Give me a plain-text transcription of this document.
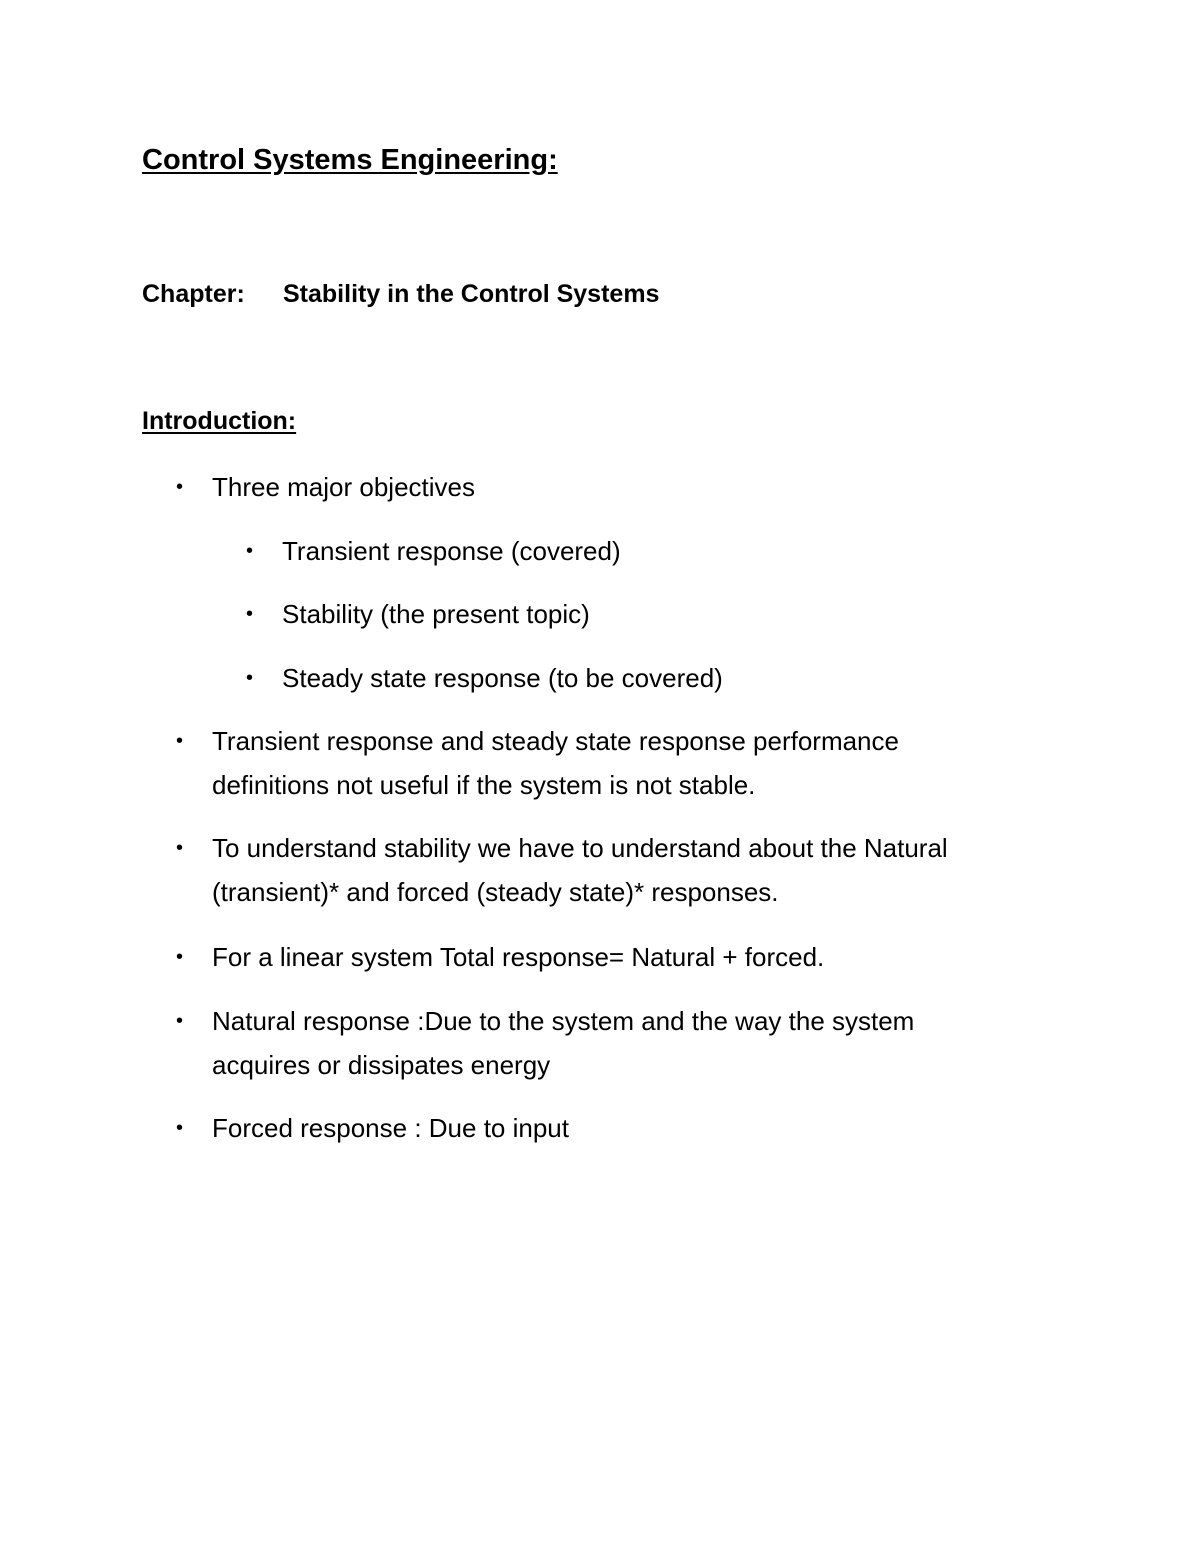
Control Systems Engineering:
Chapter: Stability in the Control Systems
Introduction:
• Three major objectives
• Transient response (covered)
• Stability (the present topic)
• Steady state response (to be covered)
• Transient response and steady state response performance
definitions not useful if the system is not stable.
• To understand stability we have to understand about the Natural
(transient)* and forced (steady state)* responses.
• For a linear system Total response= Natural + forced.
• Natural response :Due to the system and the way the system
acquires or dissipates energy
• Forced response : Due to input
